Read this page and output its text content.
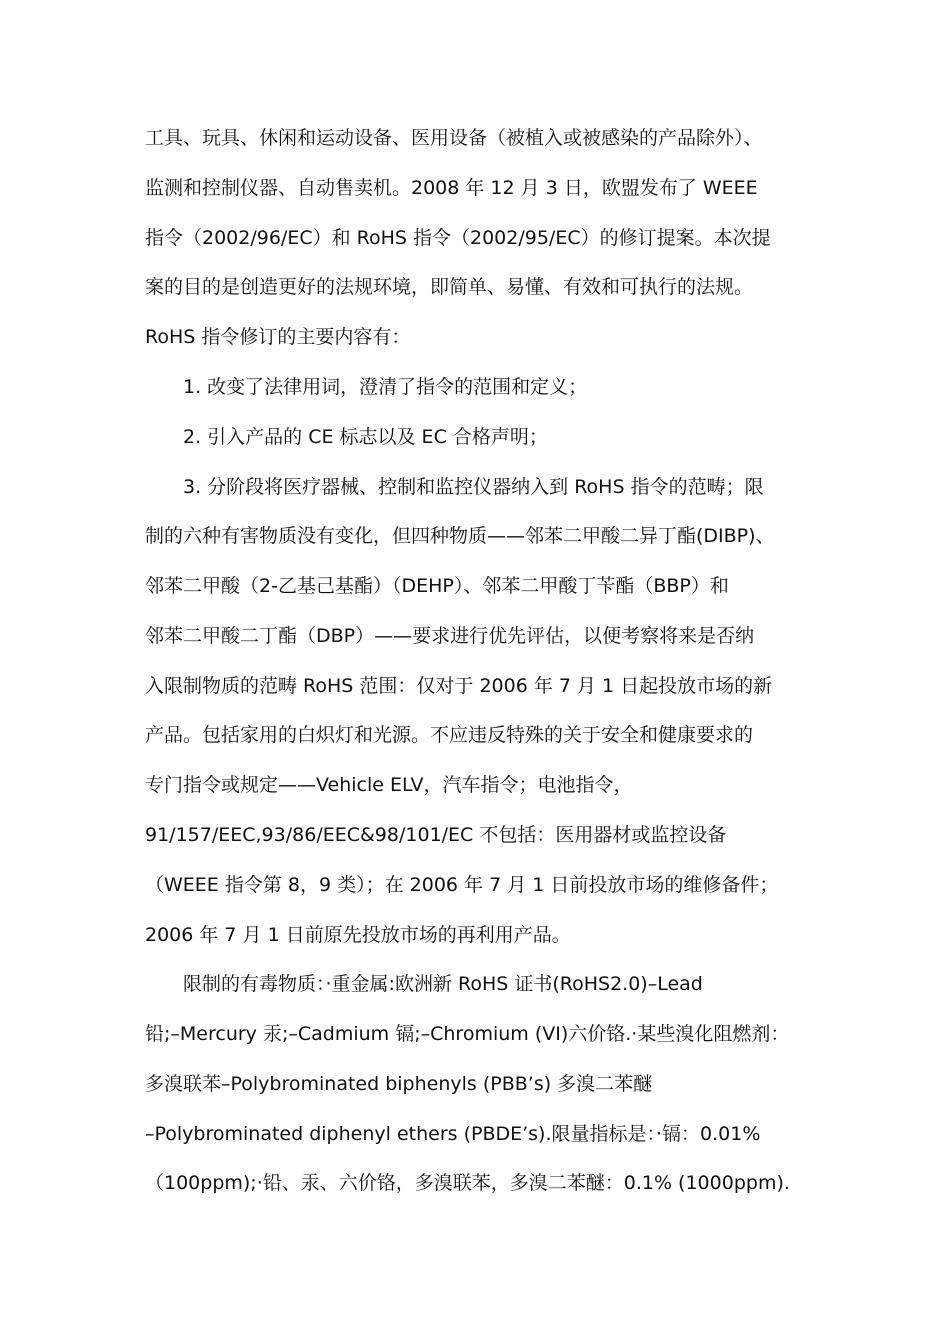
工具、玩具、休闲和运动设备、医用设备（被植入或被感染的产品除外）、
监测和控制仪器、自动售卖机。2008 年 12 月 3 日，欧盟发布了 WEEE
指令（2002/96/EC）和 RoHS 指令（2002/95/EC）的修订提案。本次提
案的目的是创造更好的法规环境，即简单、易懂、有效和可执行的法规。
RoHS 指令修订的主要内容有：
1. 改变了法律用词，澄清了指令的范围和定义；
2. 引入产品的 CE 标志以及 EC 合格声明；
3. 分阶段将医疗器械、控制和监控仪器纳入到 RoHS 指令的范畴；限
制的六种有害物质没有变化，但四种物质——邻苯二甲酸二异丁酯(DIBP)、
邻苯二甲酸（2-乙基己基酯）（DEHP）、邻苯二甲酸丁苄酯（BBP）和
邻苯二甲酸二丁酯（DBP）——要求进行优先评估，以便考察将来是否纳
入限制物质的范畴 RoHS 范围：仅对于 2006 年 7 月 1 日起投放市场的新
产品。包括家用的白炽灯和光源。不应违反特殊的关于安全和健康要求的
专门指令或规定——Vehicle ELV，汽车指令；电池指令，
91/157/EEC,93/86/EEC&98/101/EC 不包括：医用器材或监控设备
（WEEE 指令第 8，9 类）；在 2006 年 7 月 1 日前投放市场的维修备件；
2006 年 7 月 1 日前原先投放市场的再利用产品。
限制的有毒物质：·重金属:欧洲新 RoHS 证书(RoHS2.0)–Lead
铅;–Mercury 汞;–Cadmium 镉;–Chromium (VI)六价铬.·某些溴化阻燃剂：
多溴联苯–Polybrominated biphenyls (PBB’s) 多溴二苯醚
–Polybrominated diphenyl ethers (PBDE’s).限量指标是：·镉：0.01%
（100ppm);·铅、汞、六价铬，多溴联苯，多溴二苯醚：0.1% (1000ppm).
